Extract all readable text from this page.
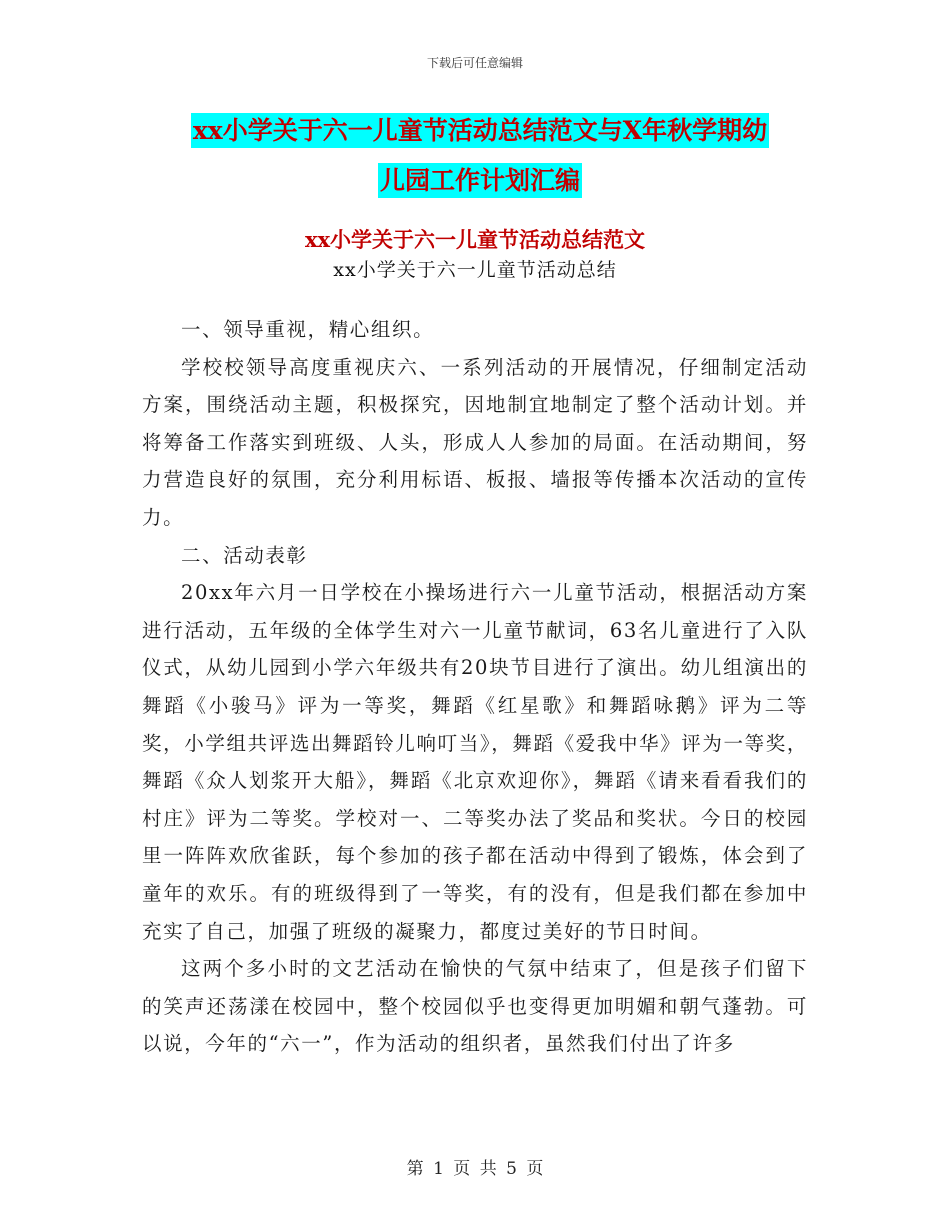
下载后可任意编辑
xx小学关于六一儿童节活动总结范文与X年秋学期幼
儿园工作计划汇编
xx小学关于六一儿童节活动总结范文
xx小学关于六一儿童节活动总结

一、领导重视，精心组织。

学校校领导高度重视庆六、一系列活动的开展情况，仔细制定活动方案，围绕活动主题，积极探究，因地制宜地制定了整个活动计划。并将筹备工作落实到班级、人头，形成人人参加的局面。在活动期间，努力营造良好的氛围，充分利用标语、板报、墙报等传播本次活动的宣传力。

二、活动表彰

20xx年六月一日学校在小操场进行六一儿童节活动，根据活动方案进行活动，五年级的全体学生对六一儿童节献词，63名儿童进行了入队仪式，从幼儿园到小学六年级共有20块节目进行了演出。幼儿组演出的舞蹈《小骏马》评为一等奖，舞蹈《红星歌》和舞蹈咏鹅》评为二等奖，小学组共评选出舞蹈铃儿响叮当》，舞蹈《爱我中华》评为一等奖，舞蹈《众人划浆开大船》，舞蹈《北京欢迎你》，舞蹈《请来看看我们的村庄》评为二等奖。学校对一、二等奖办法了奖品和奖状。今日的校园里一阵阵欢欣雀跃，每个参加的孩子都在活动中得到了锻炼，体会到了童年的欢乐。有的班级得到了一等奖，有的没有，但是我们都在参加中充实了自己，加强了班级的凝聚力，都度过美好的节日时间。

这两个多小时的文艺活动在愉快的气氛中结束了，但是孩子们留下的笑声还荡漾在校园中，整个校园似乎也变得更加明媚和朝气蓬勃。可以说，今年的“六一”，作为活动的组织者，虽然我们付出了许多

第 1 页 共 5 页
